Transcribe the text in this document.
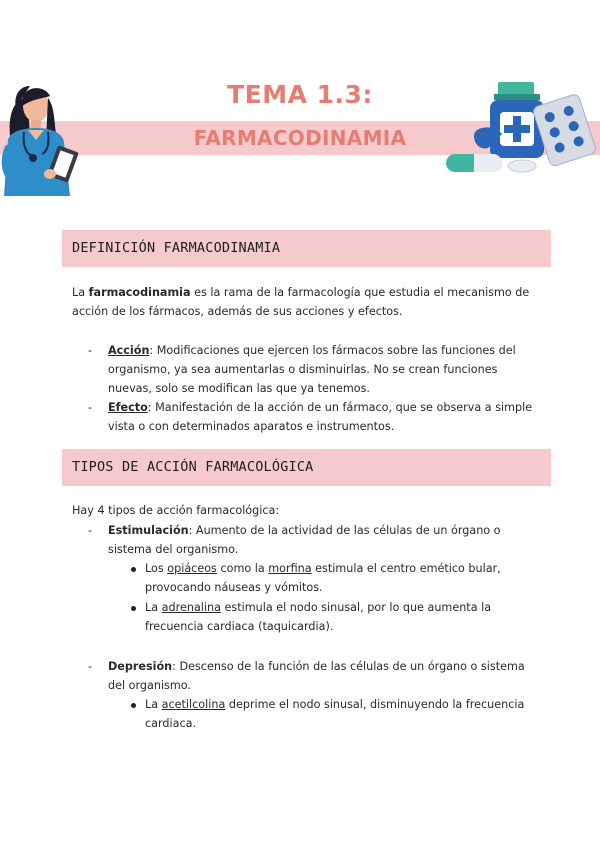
TEMA 1.3:
FARMACODINAMIA
DEFINICIÓN FARMACODINAMIA
La farmacodinamia es la rama de la farmacología que estudia el mecanismo de
acción de los fármacos, además de sus acciones y efectos.
- Acción: Modificaciones que ejercen los fármacos sobre las funciones del
organismo, ya sea aumentarlas o disminuirlas. No se crean funciones
nuevas, solo se modifican las que ya tenemos.
- Efecto: Manifestación de la acción de un fármaco, que se observa a simple
vista o con determinados aparatos e instrumentos.
TIPOS DE ACCIÓN FARMACOLÓGICA
Hay 4 tipos de acción farmacológica:
- Estimulación: Aumento de la actividad de las células de un órgano o
sistema del organismo.
Los opiáceos como la morfina estimula el centro emético bular,
provocando náuseas y vómitos.
La adrenalina estimula el nodo sinusal, por lo que aumenta la
frecuencia cardiaca (taquicardia).
- Depresión: Descenso de la función de las células de un órgano o sistema
del organismo.
La acetilcolina deprime el nodo sinusal, disminuyendo la frecuencia
cardiaca.
